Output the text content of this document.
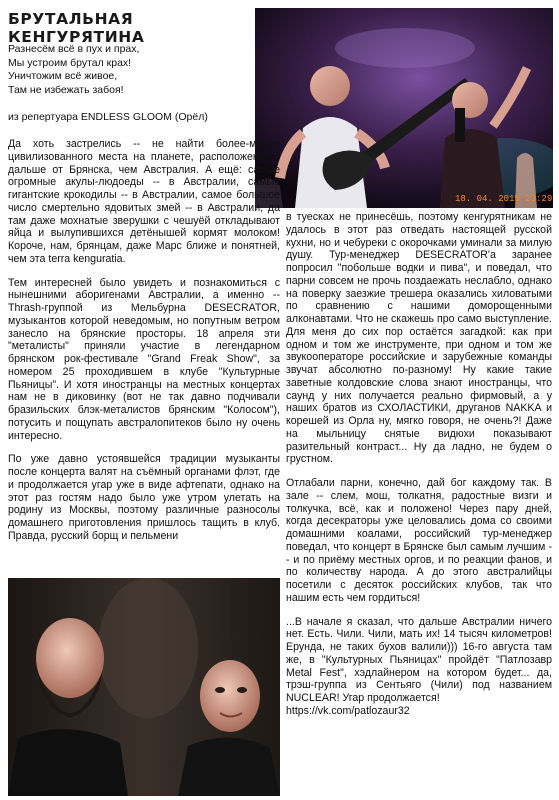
БРУТАЛЬНАЯ КЕНГУРЯТИНА
Разнесём всё в пух и прах,
Мы устроим брутал крах!
Уничтожим всё живое,
Там не избежать забоя!
из репертуара ENDLESS GLOOM (Орёл)
18. 04. 2015 23:29

Да хоть застрелись -- не найти более-менее цивилизованного места на планете, расположенного дальше от Брянска, чем Австралия. А ещё: самые огромные акулы-людоеды -- в Австралии, самые гигантские крокодилы -- в Австралии, самое большое число смертельно ядовитых змей -- в Австралии, да там даже мохнатые зверушки с чешуёй откладывают яйца и вылупившихся детёнышей кормят молоком! Короче, нам, брянцам, даже Марс ближе и понятней, чем эта terra kenguratia.

Тем интересней было увидеть и познакомиться с нынешними аборигенами Австралии, а именно -- Thrash-группой из Мельбурна DESECRATOR, музыкантов которой неведомым, но попутным ветром занесло на брянские просторы. 18 апреля эти "металисты" приняли участие в легендарном брянском рок-фестивале "Grand Freak Show", за номером 25 проходившем в клубе "Культурные Пьяницы". И хотя иностранцы на местных концертах нам не в диковинку (вот не так давно подчивали бразильских блэк-металистов брянским "Колосом"), потусить и пощупать австралопитеков было ну очень интересно.

По уже давно устоявшейся традиции музыканты после концерта валят на съёмный органами флэт, где и продолжается угар уже в виде афтепати, однако на этот раз гостям надо было уже утром улетать на родину из Москвы, поэтому различные разносолы домашнего приготовления пришлось тащить в клуб. Правда, русский борщ и пельмени

в туесках не принесёшь, поэтому кенгурятникам не удалось в этот раз отведать настоящей русской кухни, но и чебуреки с окорочками уминали за милую душу. Тур-менеджер DESECRATOR'а заранее попросил "побольше водки и пива", и поведал, что парни совсем не прочь поздаежать неслабло, однако на поверку заезжие трешера оказались хиловатыми по сравнению с нашими доморощенными алконавтами. Что не скажешь про само выступление. Для меня до сих пор остаётся загадкой: как при одном и том же инструменте, при одном и том же звукооператоре российские и зарубежные команды звучат абсолютно по-разному! Ну какие такие заветные колдовские слова знают иностранцы, что саунд у них получается реально фирмовый, а у наших братов из СХОЛАСТИКИ, друганов NAKKA и корешей из Орла ну, мягко говоря, не очень?! Даже на мыльницу снятые видюхи показывают разительный контраст... Ну да ладно, не будем о грустном.

Отлабали парни, конечно, дай бог каждому так. В зале -- слем, мош, толкатня, радостные визги и толкучка, всё, как и положено! Через пару дней, когда десекраторы уже целовались дома со своими домашними коалами, российский тур-менеджер поведал, что концерт в Брянске был самым лучшим -- и по приёму местных оргов, и по реакции фанов, и по количеству народа. А до этого австралийцы посетили с десяток российских клубов, так что нашим есть чем гордиться!

...В начале я сказал, что дальше Австралии ничего нет. Есть. Чили. Чили, мать их! 14 тысяч километров! Ерунда, не таких бухов валили))) 16-го августа там же, в "Культурных Пьяницах" пройдёт "Патлозавр Metal Fest", хэдлайнером на котором будет... да, трэш-группа из Сентьяго (Чили) под названием NUCLEAR! Угар продолжается!

https://vk.com/patlozaur32
